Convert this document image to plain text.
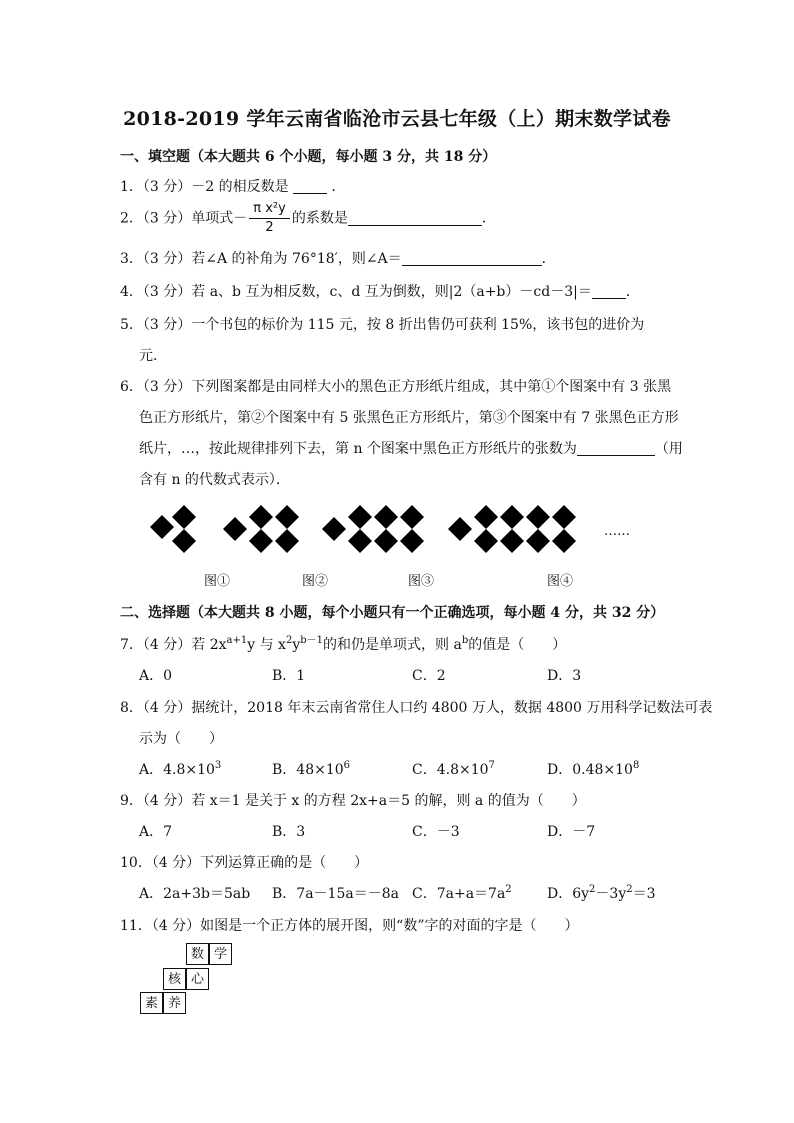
2018-2019 学年云南省临沧市云县七年级（上）期末数学试卷
一、填空题（本大题共 6 个小题，每小题 3 分，共 18 分）
1．（3 分）－2 的相反数是	．
2．（3 分）单项式－ $\frac{\text{π x²y}}{2}$ 的系数是	．
3．（3 分）若∠A 的补角为 76°18′，则∠A＝	．
4．（3 分）若 a、b 互为相反数，c、d 互为倒数，则|2（a+b）－cd－3|＝ ．
5．（3 分）一个书包的标价为 115 元，按 8 折出售仍可获利 15%，该书包的进价为
元．
6．（3 分）下列图案都是由同样大小的黑色正方形纸片组成，其中第①个图案中有 3 张黑
色正方形纸片，第②个图案中有 5 张黑色正方形纸片，第③个图案中有 7 张黑色正方形
纸片，…，按此规律排列下去，第 n 个图案中黑色正方形纸片的张数为	（用
含有 n 的代数式表示）．
……
图①	图②	图③	图④
二、选择题（本大题共 8 小题，每个小题只有一个正确选项，每小题 4 分，共 32 分）
7．（4 分）若 $2x^{a+1}y$ 与 $x^2y^{b-1}$的和仍是单项式，则 $a^b$的值是（　　）
A．0	B．1	C．2	D．3
8．（4 分）据统计，2018 年末云南省常住人口约 4800 万人，数据 4800 万用科学记数法可表
示为（　　）
A．$4.8\times 10^3$	B．$48\times 10^6$	C．$4.8\times 10^7$	D．$0.48\times 10^8$
9．（4 分）若 x＝1 是关于 x 的方程 2x+a＝5 的解，则 a 的值为（　　）
A．7	B．3	C．－3	D．－7
10．（4 分）下列运算正确的是（　　）
A．2a+3b＝5ab B．7a－15a＝－8a C．$7a+a=7a^2$	D．$6y^2-3y^2=3$
11．（4 分）如图是一个正方体的展开图，则“数”字的对面的字是（　　）
数 学
核 心
素 养
